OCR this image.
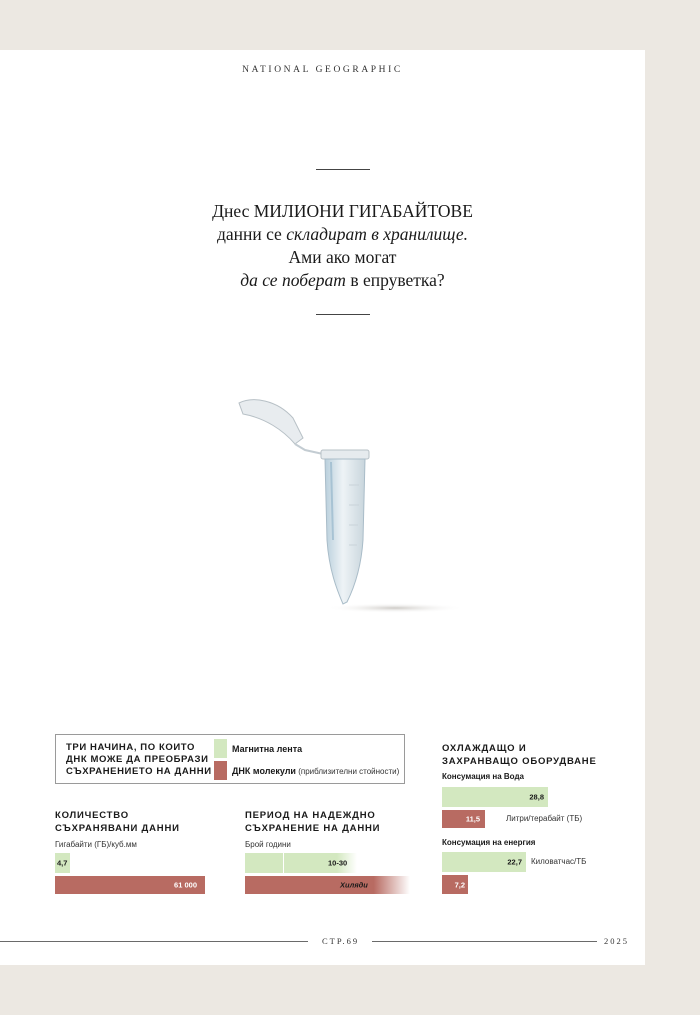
NATIONAL GEOGRAPHIC
Днес МИЛИОНИ ГИГАБАЙТОВЕ
данни се складират в хранилище.
Ами ако могат
да се поберат в епруветка?
ТРИ НАЧИНА, ПО КОИТО ДНК МОЖЕ ДА ПРЕОБРАЗИ СЪХРАНЕНИЕТО НА ДАННИ
Магнитна лента
ДНК молекули (приблизителни стойности)
КОЛИЧЕСТВО
СЪХРАНЯВАНИ ДАННИ
Гигабайти (ГБ)/куб.мм
4,7
61 000
ПЕРИОД НА НАДЕЖДНО
СЪХРАНЕНИЕ НА ДАННИ
Брой години
10-30
Хиляди
ОХЛАЖДАЩО И
ЗАХРАНВАЩО ОБОРУДВАНЕ
Консумация на Вода
28,8
11,5	Литри/терабайт (ТБ)
Консумация на енергия
22,7 Киловатчас/ТБ
7,2
СТР.69	2025
